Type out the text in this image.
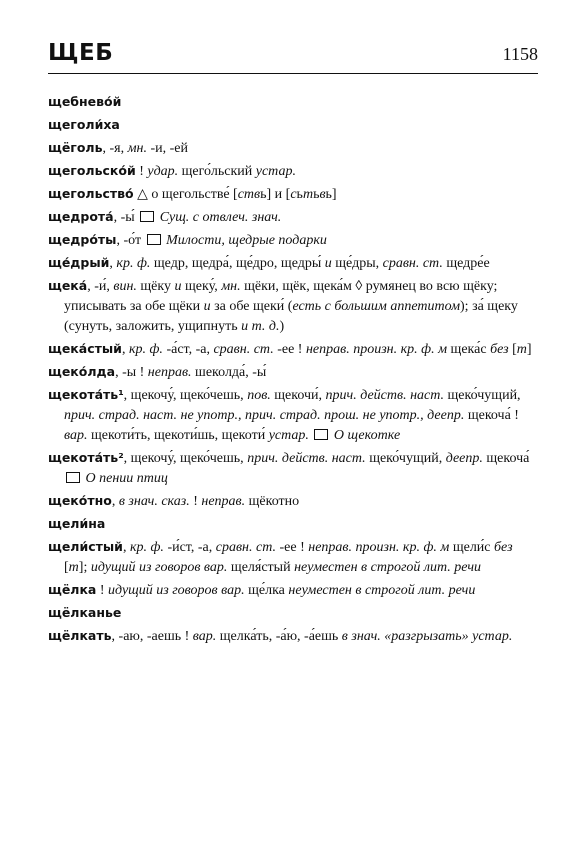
ЩЕБ	1158
щебнево́й
щеголи́ха
щёголь, -я, мн. -и, -ей
щегольско́й ! удар. щего́льский устар.
щегольство́ △ о щегольстве́ [ствь] и [сьтьвь]
щедрота́, -ы́  Сущ. с отвлеч. знач.
щедро́ты, -о́т  Милости, щедрые подарки
ще́дрый, кр. ф. щедр, щедра́, ще́дро, щедры́ и ще́дры, сравн. ст. щедре́е
щека́, -и́, вин. щёку и щеку́, мн. щёки, щёк, щека́м ◊ румянец во всю щёку; уписывать за обе щёки и за обе щеки́ (есть с большим аппетитом); за́ щеку (сунуть, заложить, ущипнуть и т. д.)
щека́стый, кр. ф. -а́ст, -а, сравн. ст. -ее ! неправ. произн. кр. ф. м щека́с без [т]
щеко́лда, -ы ! неправ. шеколда́, -ы́
щекота́ть¹, щекочу́, щеко́чешь, пов. щекочи́, прич. действ. наст. щеко́чущий, прич. страд. наст. не употр., прич. страд. прош. не употр., деепр. щекоча́ ! вар. щекоти́ть, щекоти́шь, щекоти́ устар.  О щекотке
щекота́ть², щекочу́, щеко́чешь, прич. действ. наст. щеко́чущий, деепр. щекоча́  О пении птиц
щеко́тно, в знач. сказ. ! неправ. щёкотно
щели́на
щели́стый, кр. ф. -и́ст, -а, сравн. ст. -ее ! неправ. произн. кр. ф. м щели́с без [т]; идущий из говоров вар. щеля́стый неуместен в строгой лит. речи
щёлка ! идущий из говоров вар. ще́лка неуместен в строгой лит. речи
щёлканье
щёлкать, -аю, -аешь ! вар. щелка́ть, -а́ю, -а́ешь в знач. «разгрызать» устар.
